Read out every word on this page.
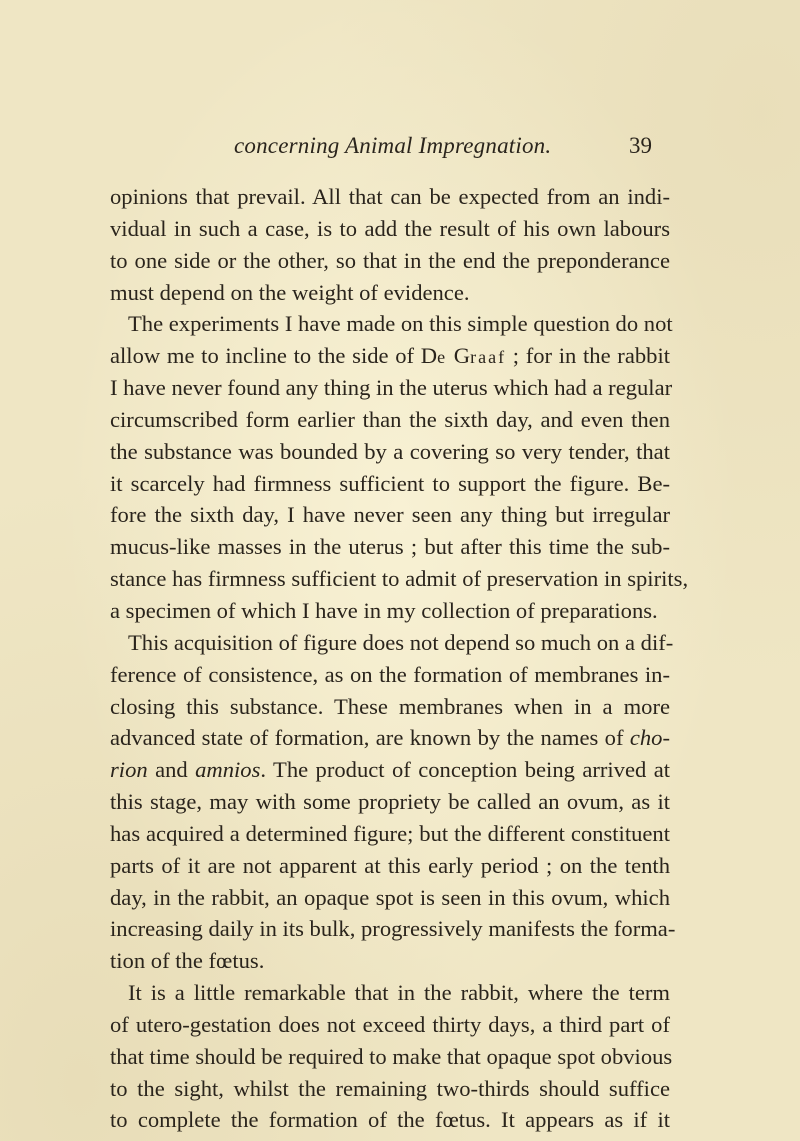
concerning Animal Impregnation.	39
opinions that prevail. All that can be expected from an indi-
vidual in such a case, is to add the result of his own labours
to one side or the other, so that in the end the preponderance
must depend on the weight of evidence.
The experiments I have made on this simple question do not
allow me to incline to the side of De Graaf ; for in the rabbit
I have never found any thing in the uterus which had a regular
circumscribed form earlier than the sixth day, and even then
the substance was bounded by a covering so very tender, that
it scarcely had firmness sufficient to support the figure. Be-
fore the sixth day, I have never seen any thing but irregular
mucus-like masses in the uterus ; but after this time the sub-
stance has firmness sufficient to admit of preservation in spirits,
a specimen of which I have in my collection of preparations.
This acquisition of figure does not depend so much on a dif-
ference of consistence, as on the formation of membranes in-
closing this substance. These membranes when in a more
advanced state of formation, are known by the names of cho-
rion and amnios. The product of conception being arrived at
this stage, may with some propriety be called an ovum, as it
has acquired a determined figure; but the different constituent
parts of it are not apparent at this early period ; on the tenth
day, in the rabbit, an opaque spot is seen in this ovum, which
increasing daily in its bulk, progressively manifests the forma-
tion of the fœtus.
It is a little remarkable that in the rabbit, where the term
of utero-gestation does not exceed thirty days, a third part of
that time should be required to make that opaque spot obvious
to the sight, whilst the remaining two-thirds should suffice
to complete the formation of the fœtus. It appears as if it
